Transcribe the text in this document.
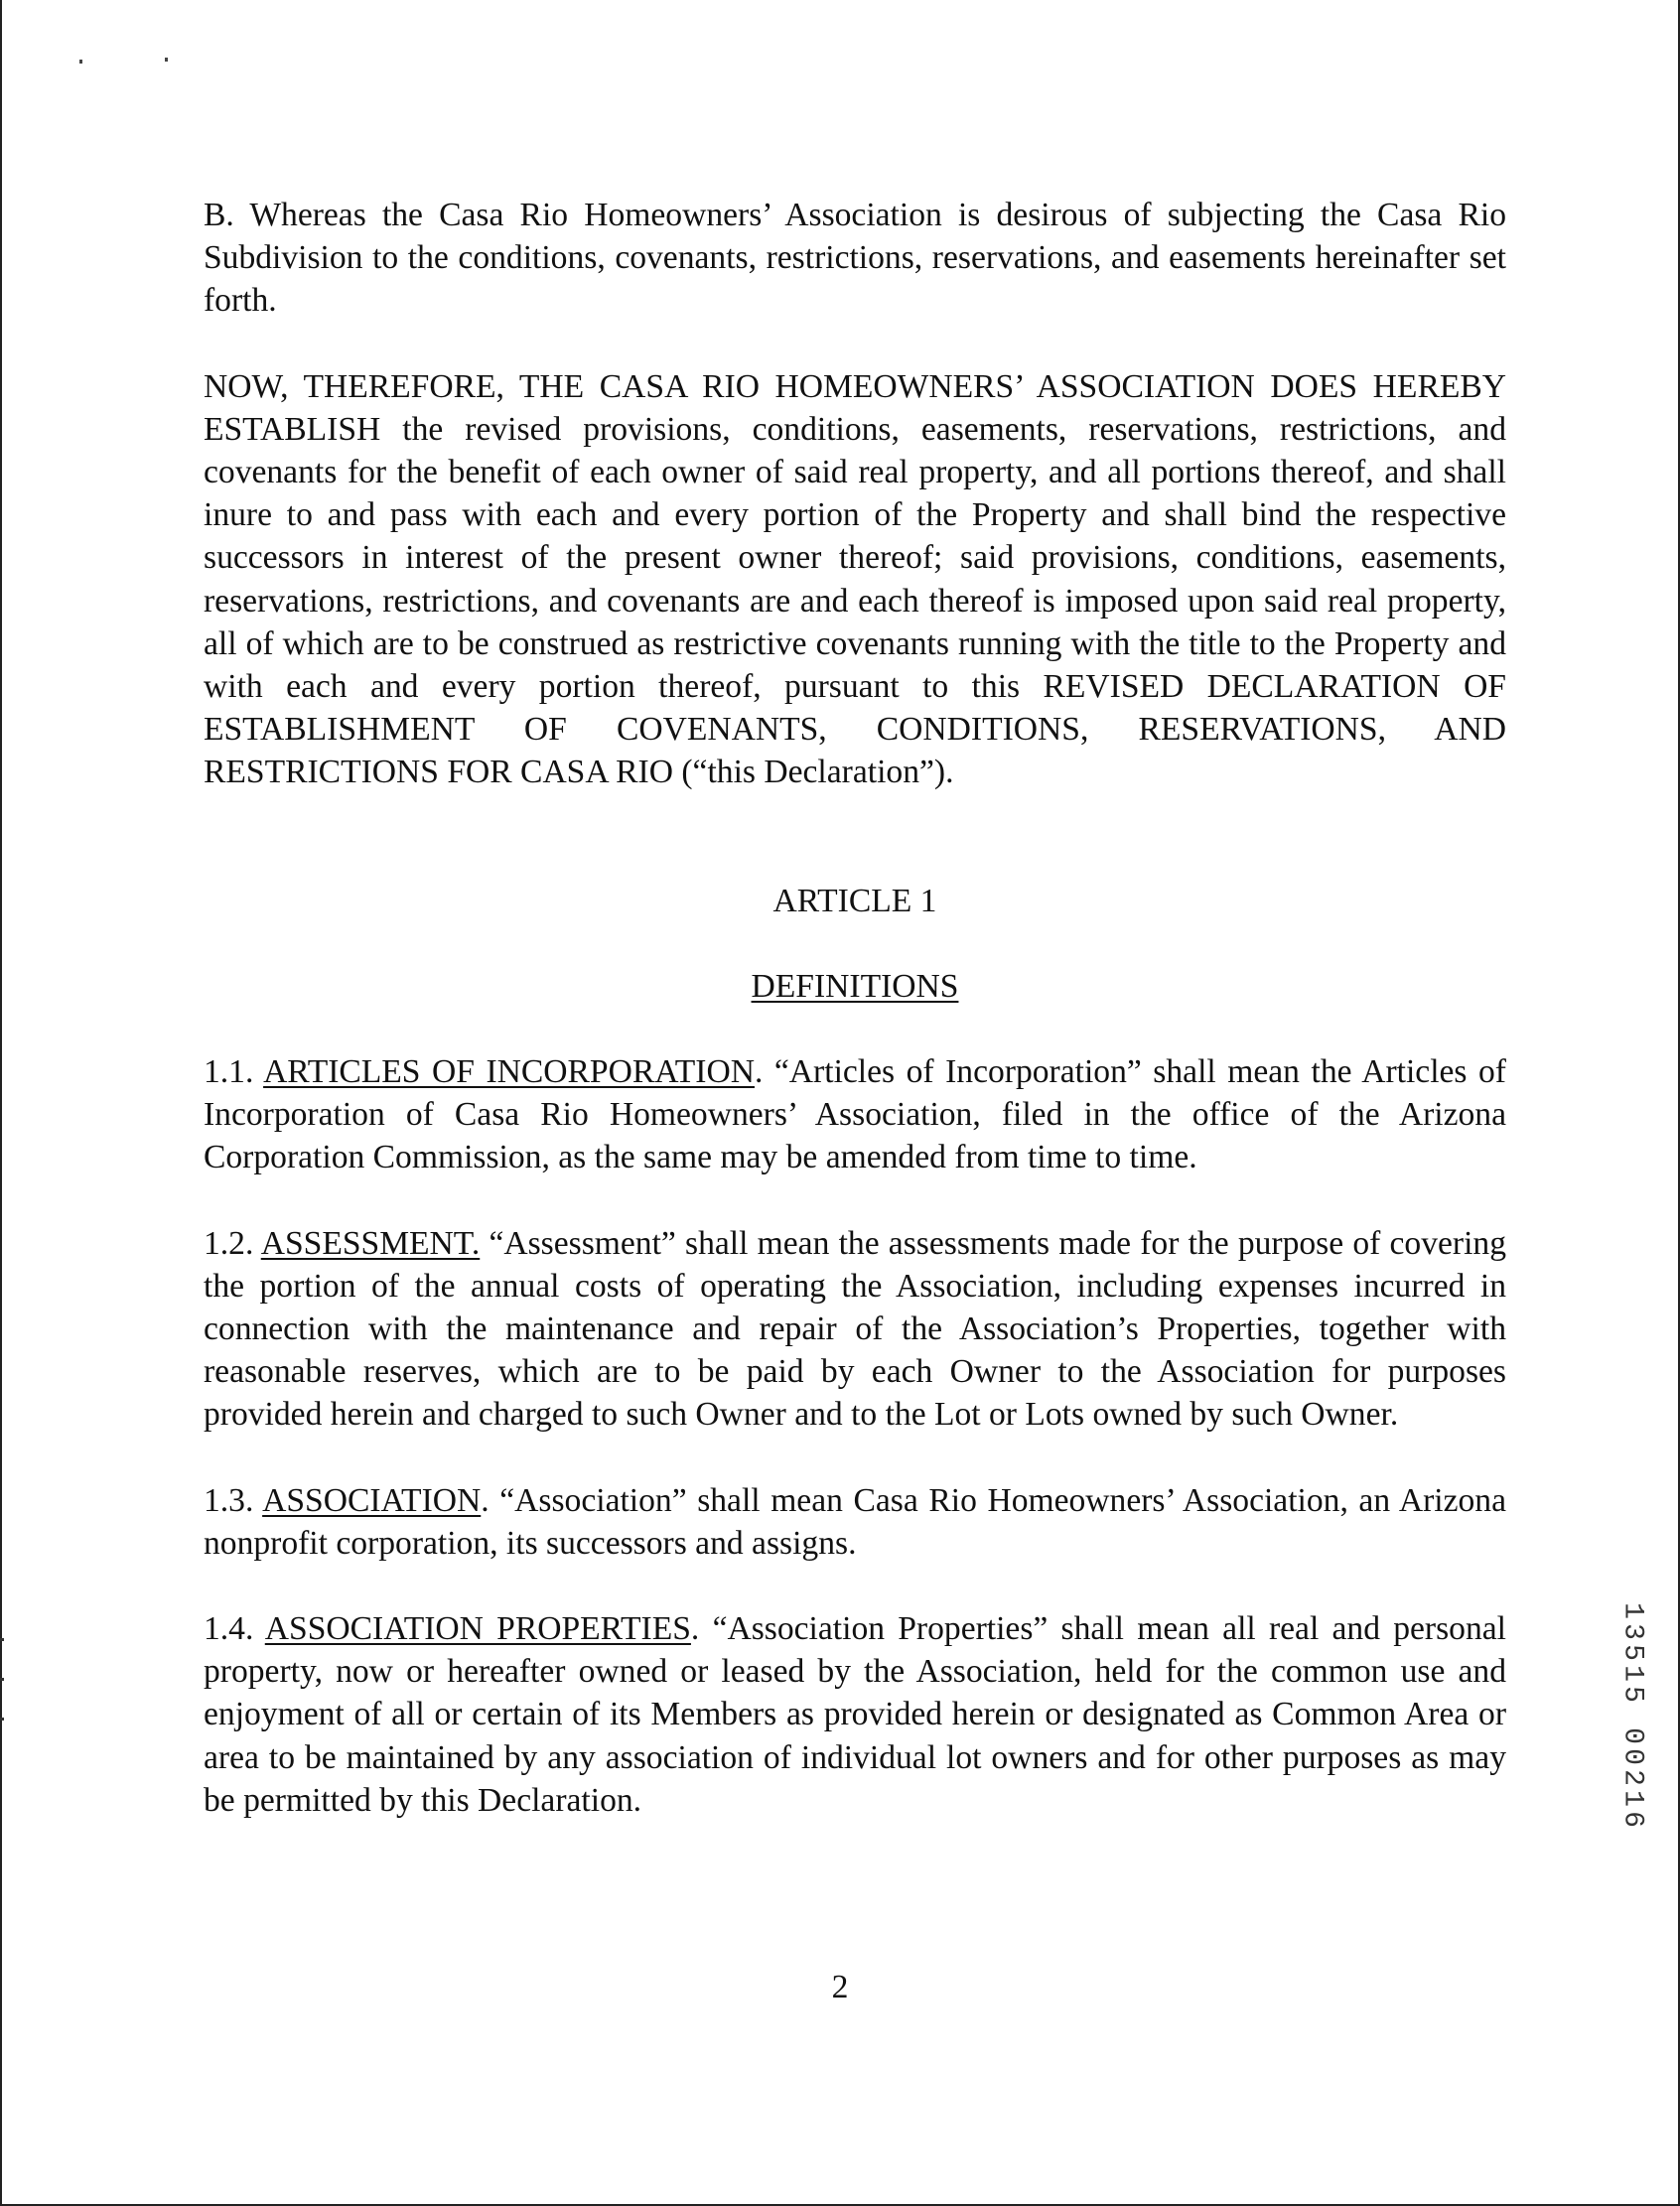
B. Whereas the Casa Rio Homeowners’ Association is desirous of subjecting the Casa Rio Subdivision to the conditions, covenants, restrictions, reservations, and easements hereinafter set forth.

NOW, THEREFORE, THE CASA RIO HOMEOWNERS’ ASSOCIATION DOES HEREBY ESTABLISH the revised provisions, conditions, easements, reservations, restrictions, and covenants for the benefit of each owner of said real property, and all portions thereof, and shall inure to and pass with each and every portion of the Property and shall bind the respective successors in interest of the present owner thereof; said provisions, conditions, easements, reservations, restrictions, and covenants are and each thereof is imposed upon said real property, all of which are to be construed as restrictive covenants running with the title to the Property and with each and every portion thereof, pursuant to this REVISED DECLARATION OF ESTABLISHMENT OF COVENANTS, CONDITIONS, RESERVATIONS, AND RESTRICTIONS FOR CASA RIO (“this Declaration”).

ARTICLE 1

DEFINITIONS

1.1. ARTICLES OF INCORPORATION. “Articles of Incorporation” shall mean the Articles of Incorporation of Casa Rio Homeowners’ Association, filed in the office of the Arizona Corporation Commission, as the same may be amended from time to time.

1.2. ASSESSMENT. “Assessment” shall mean the assessments made for the purpose of covering the portion of the annual costs of operating the Association, including expenses incurred in connection with the maintenance and repair of the Association’s Properties, together with reasonable reserves, which are to be paid by each Owner to the Association for purposes provided herein and charged to such Owner and to the Lot or Lots owned by such Owner.

1.3. ASSOCIATION. “Association” shall mean Casa Rio Homeowners’ Association, an Arizona nonprofit corporation, its successors and assigns.

1.4. ASSOCIATION PROPERTIES. “Association Properties” shall mean all real and personal property, now or hereafter owned or leased by the Association, held for the common use and enjoyment of all or certain of its Members as provided herein or designated as Common Area or area to be maintained by any association of individual lot owners and for other purposes as may be permitted by this Declaration.

2
1
3
5
1
5

0
0
2
1
6
